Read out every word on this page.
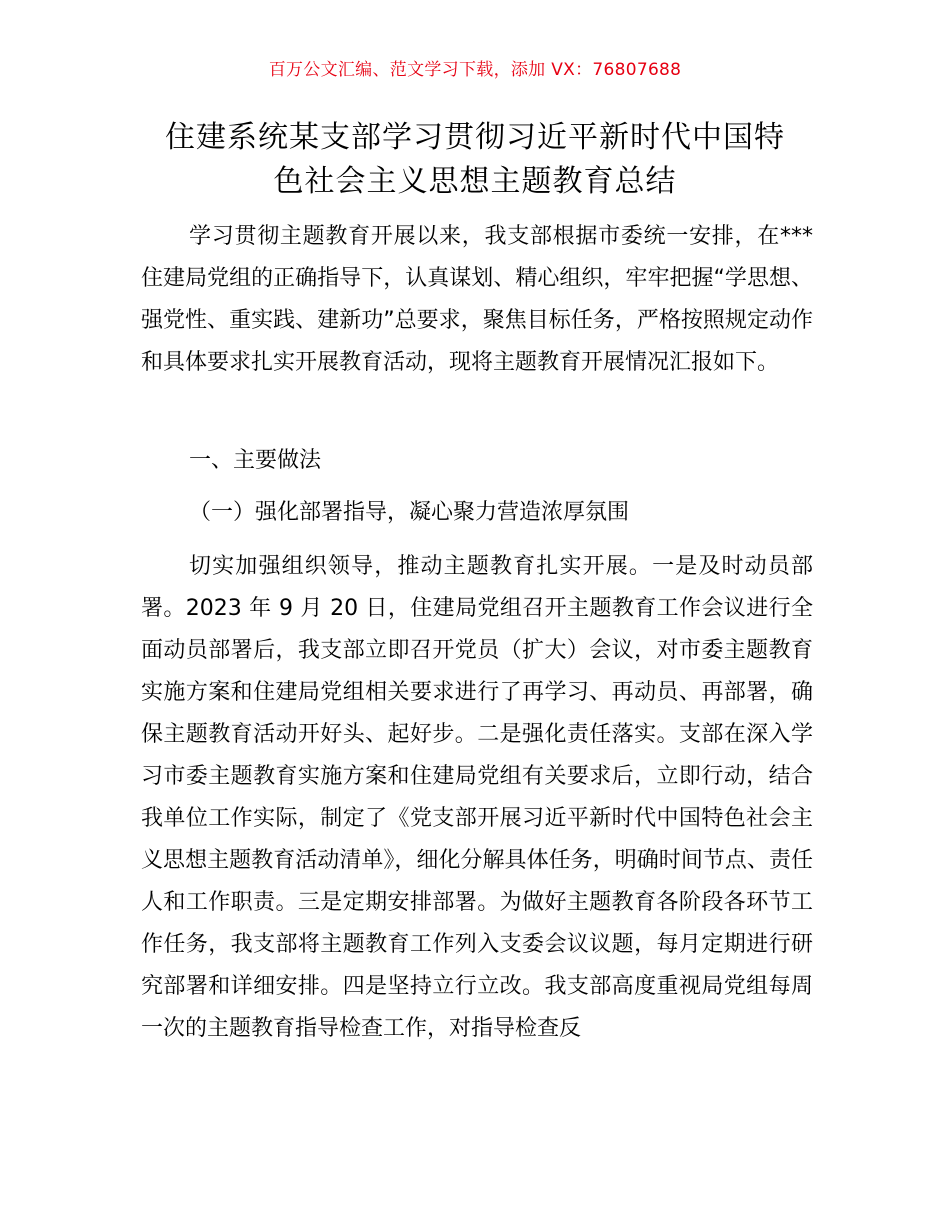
百万公文汇编、范文学习下载，添加 VX：76807688
住建系统某支部学习贯彻习近平新时代中国特
色社会主义思想主题教育总结

学习贯彻主题教育开展以来，我支部根据市委统一安排，在***住建局党组的正确指导下，认真谋划、精心组织，牢牢把握“学思想、强党性、重实践、建新功”总要求，聚焦目标任务，严格按照规定动作和具体要求扎实开展教育活动，现将主题教育开展情况汇报如下。

一、主要做法

（一）强化部署指导，凝心聚力营造浓厚氛围

切实加强组织领导，推动主题教育扎实开展。一是及时动员部署。2023 年 9 月 20 日，住建局党组召开主题教育工作会议进行全面动员部署后，我支部立即召开党员（扩大）会议，对市委主题教育实施方案和住建局党组相关要求进行了再学习、再动员、再部署，确保主题教育活动开好头、起好步。二是强化责任落实。支部在深入学习市委主题教育实施方案和住建局党组有关要求后，立即行动，结合我单位工作实际，制定了《党支部开展习近平新时代中国特色社会主义思想主题教育活动清单》，细化分解具体任务，明确时间节点、责任人和工作职责。三是定期安排部署。为做好主题教育各阶段各环节工作任务，我支部将主题教育工作列入支委会议议题，每月定期进行研究部署和详细安排。四是坚持立行立改。我支部高度重视局党组每周一次的主题教育指导检查工作，对指导检查反
